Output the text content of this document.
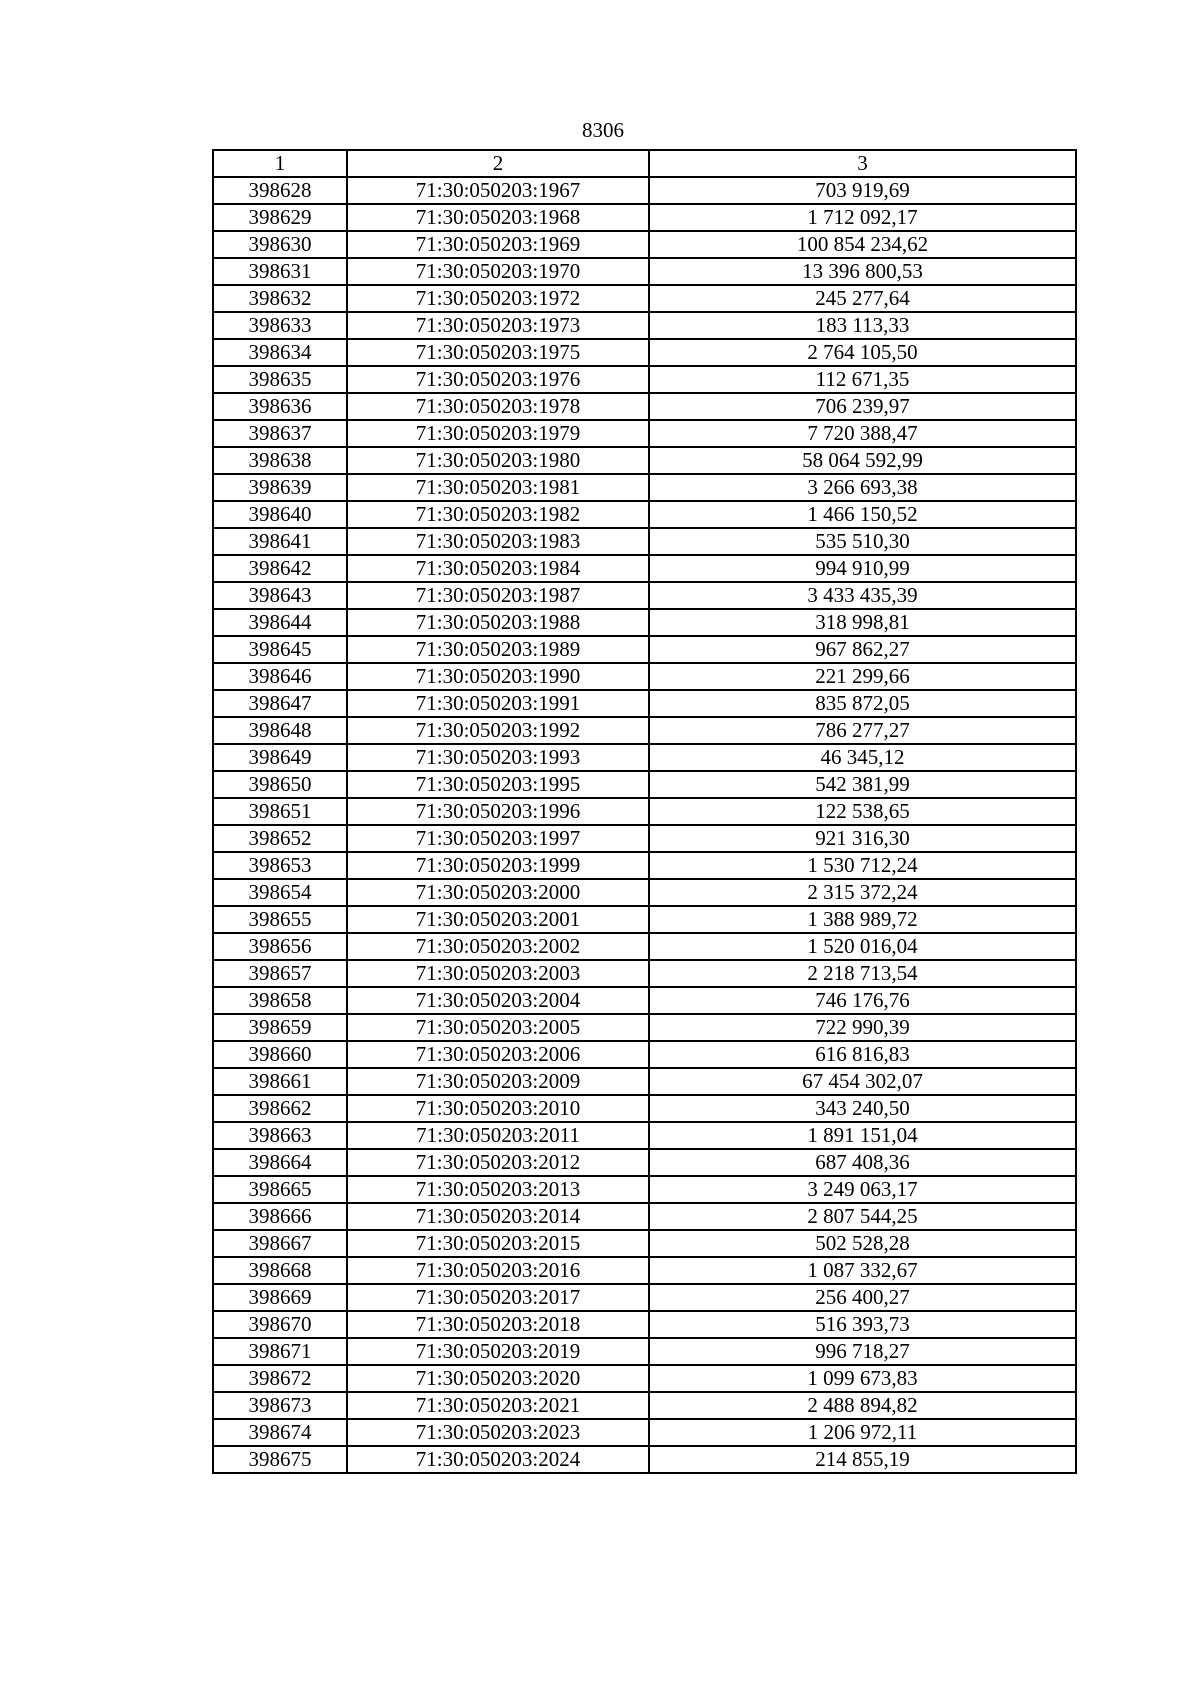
8306
1	2	3
398628	71:30:050203:1967	703 919,69
398629	71:30:050203:1968	1 712 092,17
398630	71:30:050203:1969	100 854 234,62
398631	71:30:050203:1970	13 396 800,53
398632	71:30:050203:1972	245 277,64
398633	71:30:050203:1973	183 113,33
398634	71:30:050203:1975	2 764 105,50
398635	71:30:050203:1976	112 671,35
398636	71:30:050203:1978	706 239,97
398637	71:30:050203:1979	7 720 388,47
398638	71:30:050203:1980	58 064 592,99
398639	71:30:050203:1981	3 266 693,38
398640	71:30:050203:1982	1 466 150,52
398641	71:30:050203:1983	535 510,30
398642	71:30:050203:1984	994 910,99
398643	71:30:050203:1987	3 433 435,39
398644	71:30:050203:1988	318 998,81
398645	71:30:050203:1989	967 862,27
398646	71:30:050203:1990	221 299,66
398647	71:30:050203:1991	835 872,05
398648	71:30:050203:1992	786 277,27
398649	71:30:050203:1993	46 345,12
398650	71:30:050203:1995	542 381,99
398651	71:30:050203:1996	122 538,65
398652	71:30:050203:1997	921 316,30
398653	71:30:050203:1999	1 530 712,24
398654	71:30:050203:2000	2 315 372,24
398655	71:30:050203:2001	1 388 989,72
398656	71:30:050203:2002	1 520 016,04
398657	71:30:050203:2003	2 218 713,54
398658	71:30:050203:2004	746 176,76
398659	71:30:050203:2005	722 990,39
398660	71:30:050203:2006	616 816,83
398661	71:30:050203:2009	67 454 302,07
398662	71:30:050203:2010	343 240,50
398663	71:30:050203:2011	1 891 151,04
398664	71:30:050203:2012	687 408,36
398665	71:30:050203:2013	3 249 063,17
398666	71:30:050203:2014	2 807 544,25
398667	71:30:050203:2015	502 528,28
398668	71:30:050203:2016	1 087 332,67
398669	71:30:050203:2017	256 400,27
398670	71:30:050203:2018	516 393,73
398671	71:30:050203:2019	996 718,27
398672	71:30:050203:2020	1 099 673,83
398673	71:30:050203:2021	2 488 894,82
398674	71:30:050203:2023	1 206 972,11
398675	71:30:050203:2024	214 855,19
